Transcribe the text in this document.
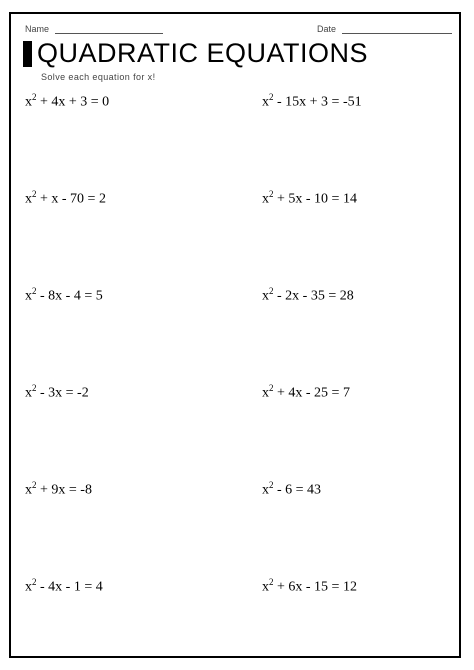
Name	Date
QUADRATIC EQUATIONS
Solve each equation for x!
$x^2 + 4x + 3 = 0$	$x^2 - 15x + 3 = -51$
$x^2 + x - 70 = 2$	$x^2 + 5x - 10 = 14$
$x^2 - 8x - 4 = 5$	$x^2 - 2x - 35 = 28$
$x^2 - 3x = -2$	$x^2 + 4x - 25 = 7$
$x^2 + 9x = -8$	$x^2 - 6 = 43$
$x^2 - 4x - 1 = 4$	$x^2 + 6x - 15 = 12$
